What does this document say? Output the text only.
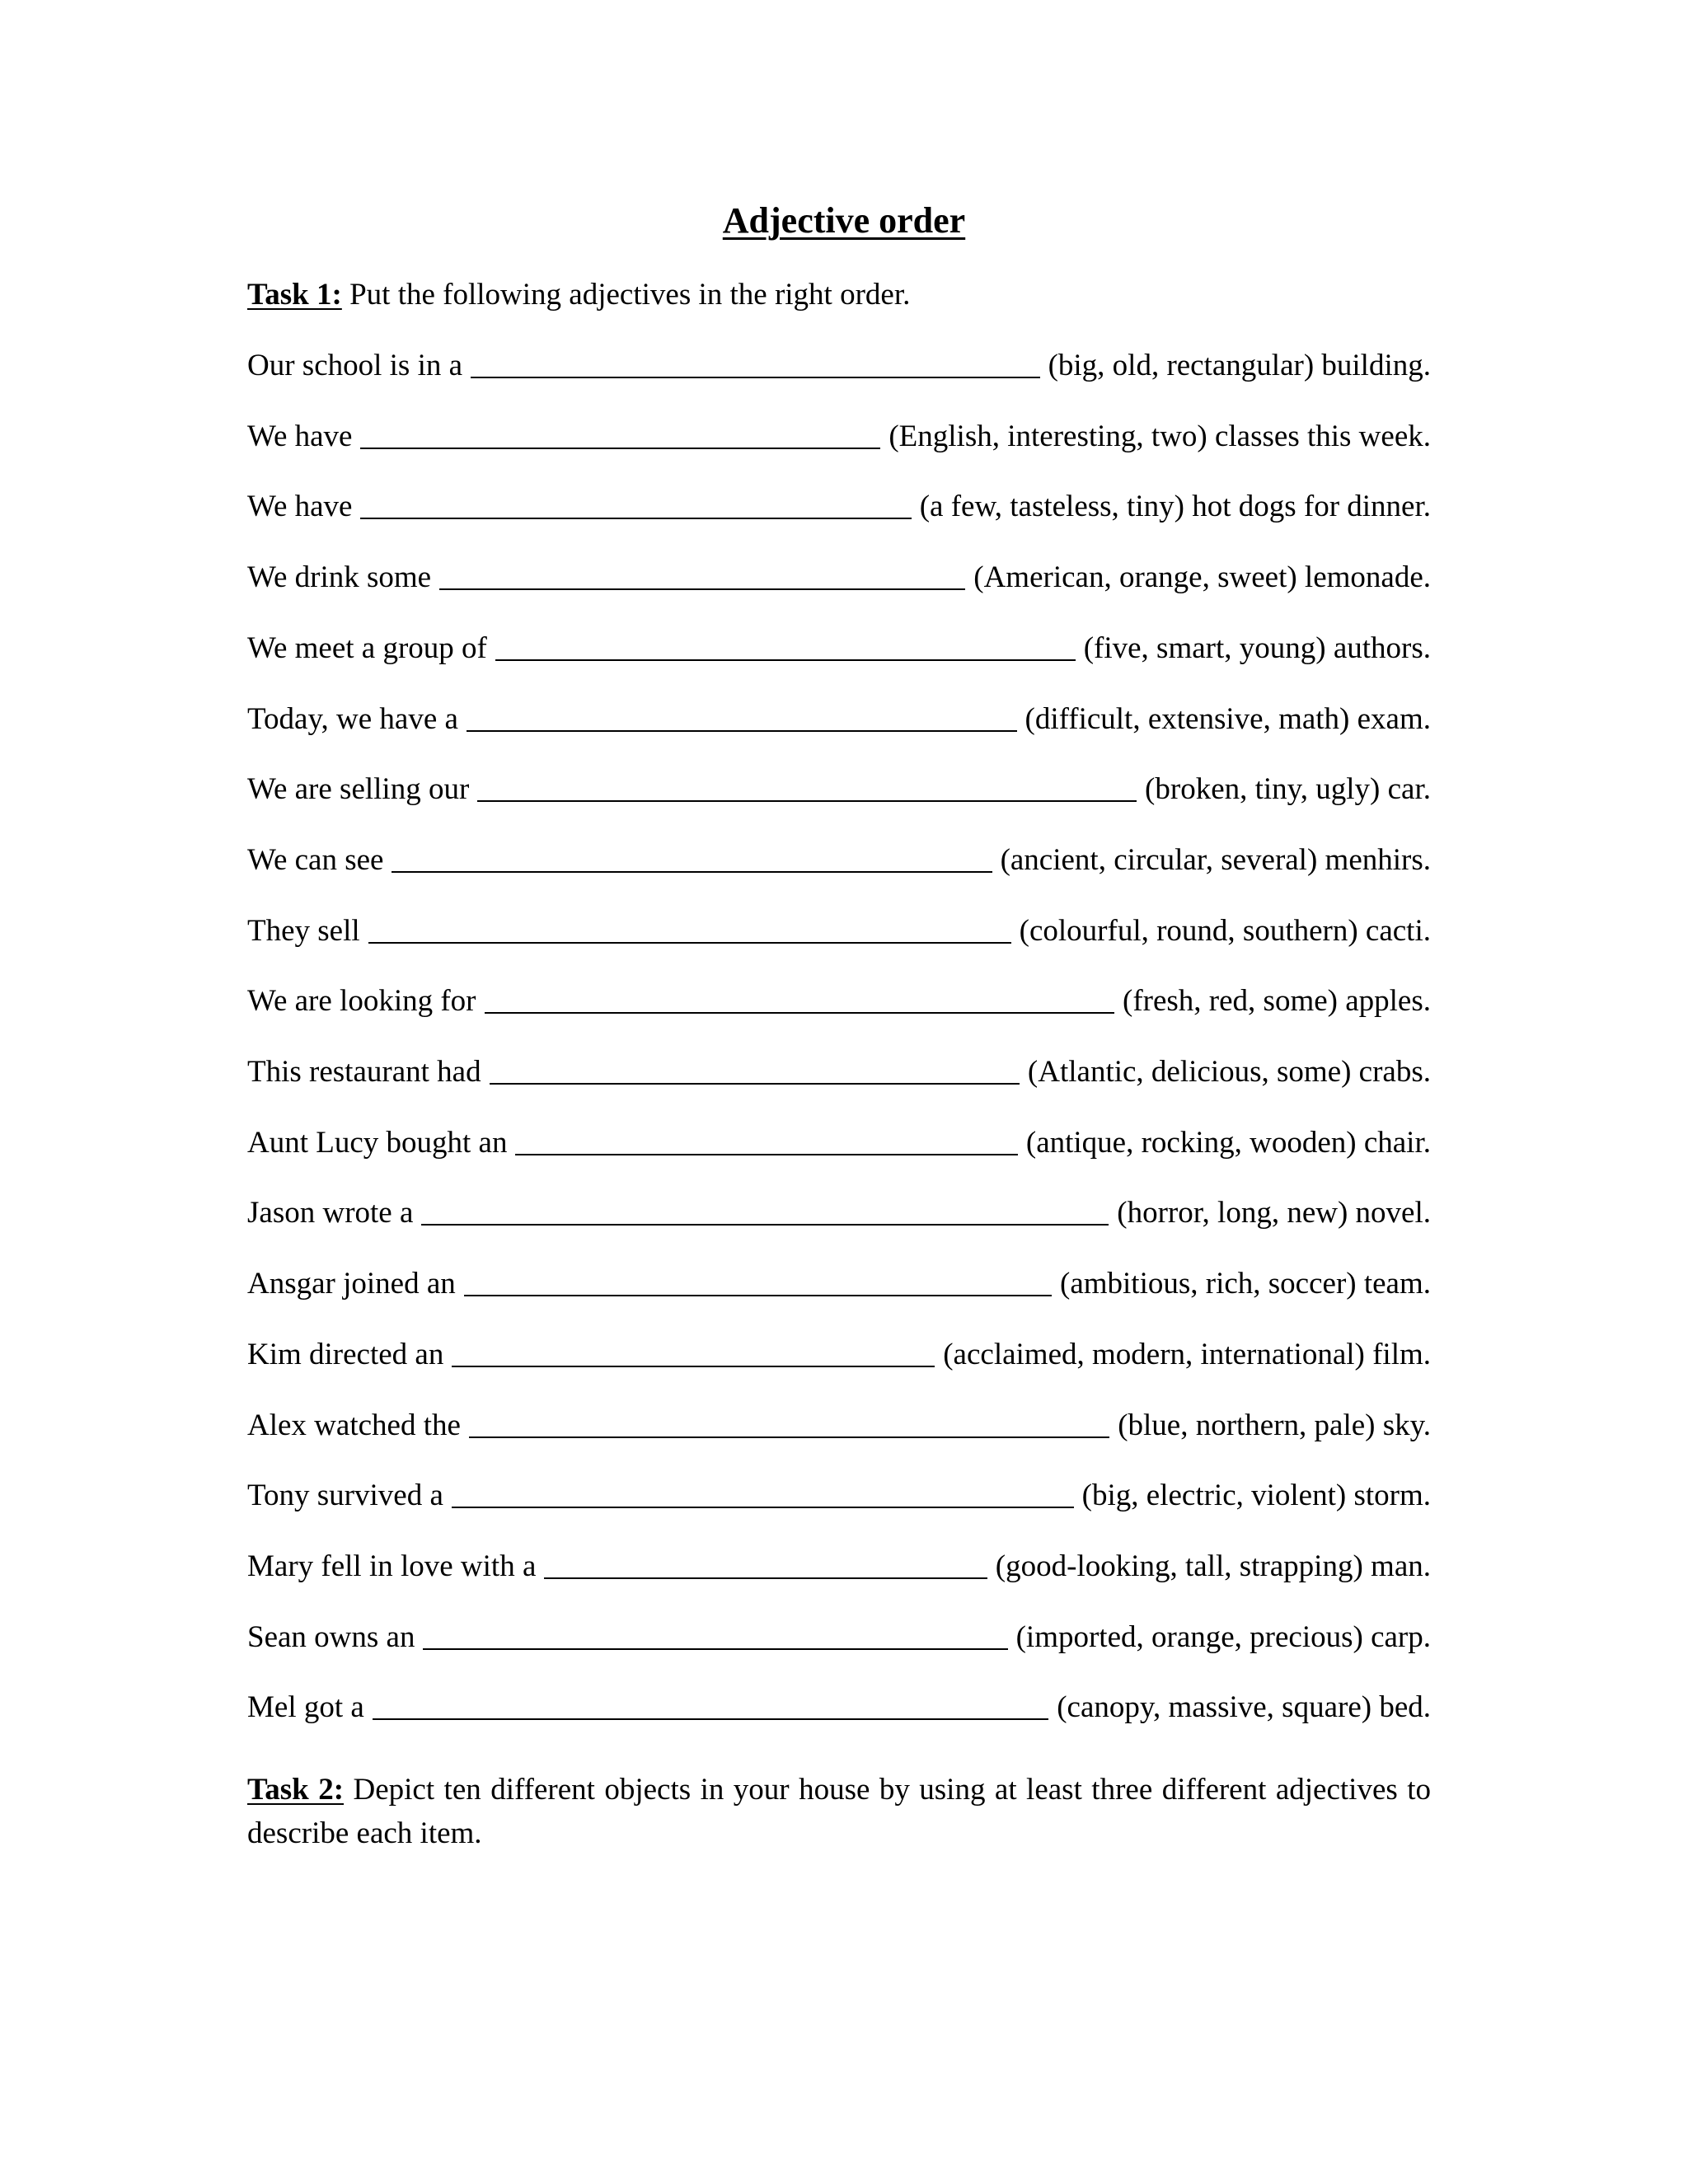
Adjective order
Task 1: Put the following adjectives in the right order.
Our school is in a	(big, old, rectangular) building.
We have	(English, interesting, two) classes this week.
We have	(a few, tasteless, tiny) hot dogs for dinner.
We drink some	(American, orange, sweet) lemonade.
We meet a group of	(five, smart, young) authors.
Today, we have a	(difficult, extensive, math) exam.
We are selling our	(broken, tiny, ugly) car.
We can see	(ancient, circular, several) menhirs.
They sell	(colourful, round, southern) cacti.
We are looking for	(fresh, red, some) apples.
This restaurant had	(Atlantic, delicious, some) crabs.
Aunt Lucy bought an	(antique, rocking, wooden) chair.
Jason wrote a	(horror, long, new) novel.
Ansgar joined an	(ambitious, rich, soccer) team.
Kim directed an	(acclaimed, modern, international) film.
Alex watched the	(blue, northern, pale) sky.
Tony survived a	(big, electric, violent) storm.
Mary fell in love with a	(good-looking, tall, strapping) man.
Sean owns an	(imported, orange, precious) carp.
Mel got a	(canopy, massive, square) bed.
Task 2: Depict ten different objects in your house by using at least three different adjectives to describe each item.
